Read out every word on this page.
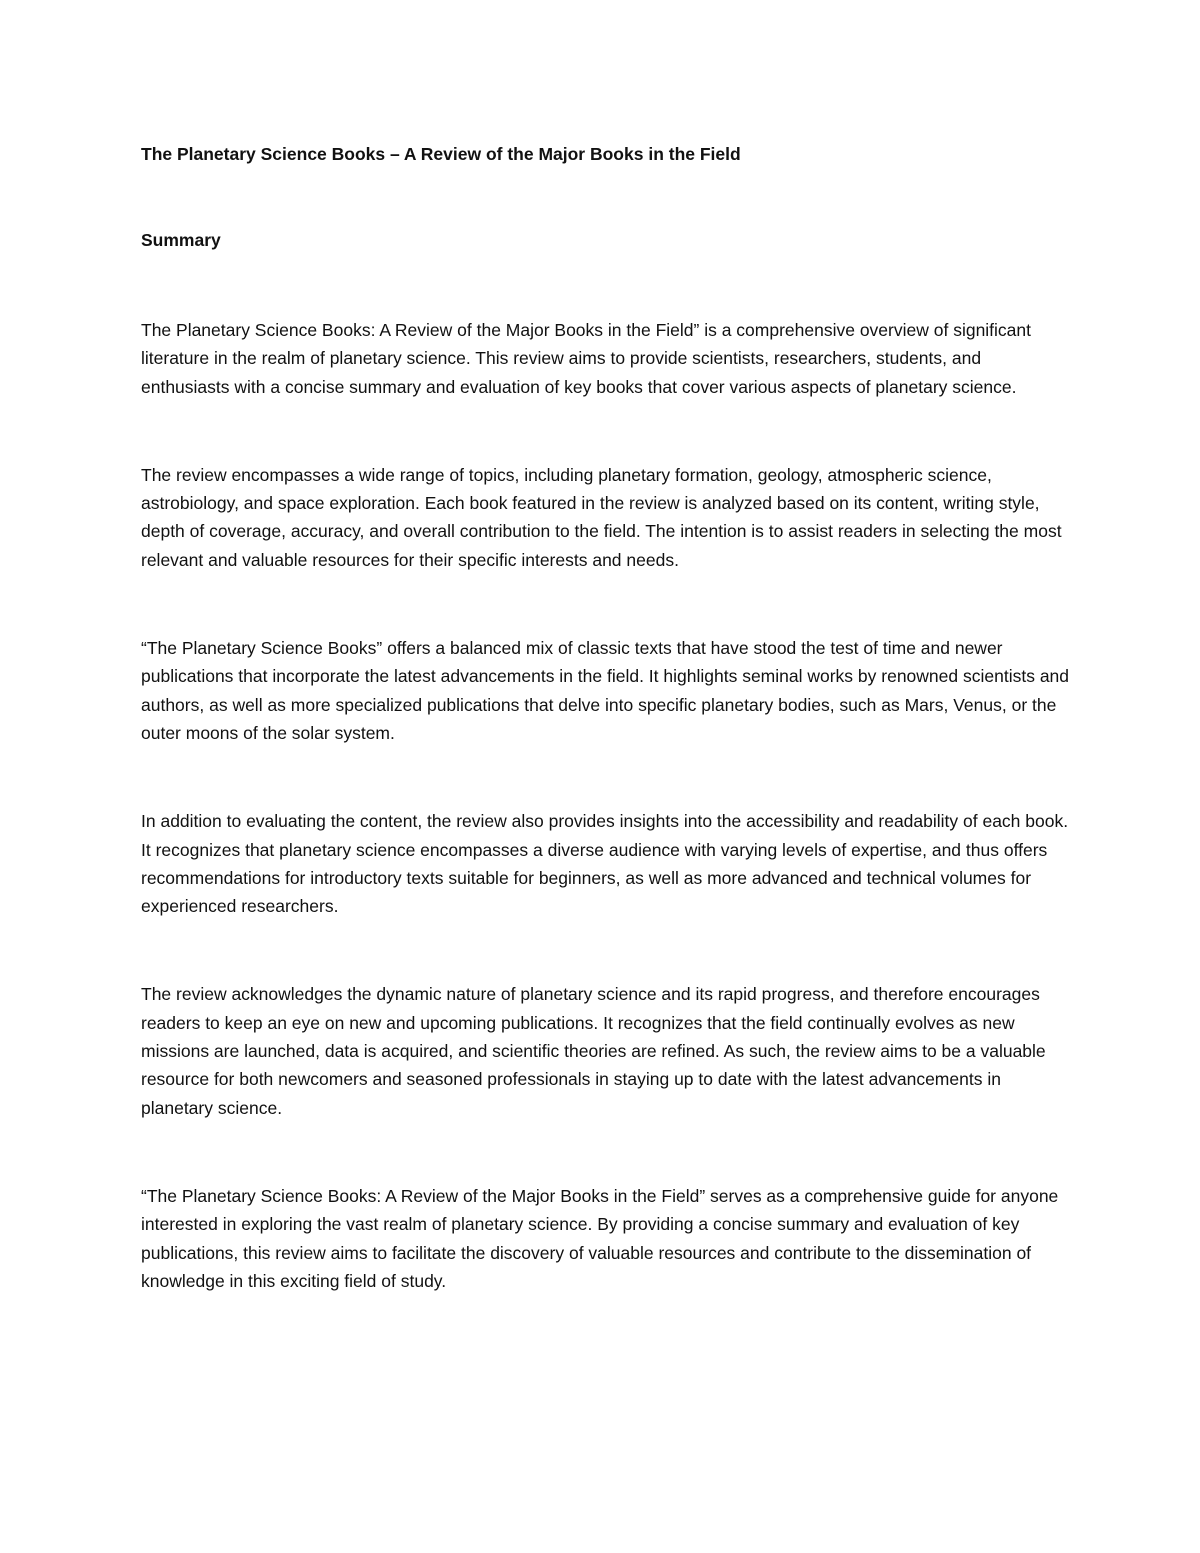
The Planetary Science Books – A Review of the Major Books in the Field

Summary

The Planetary Science Books: A Review of the Major Books in the Field” is a comprehensive overview of significant literature in the realm of planetary science. This review aims to provide scientists, researchers, students, and enthusiasts with a concise summary and evaluation of key books that cover various aspects of planetary science.

The review encompasses a wide range of topics, including planetary formation, geology, atmospheric science, astrobiology, and space exploration. Each book featured in the review is analyzed based on its content, writing style, depth of coverage, accuracy, and overall contribution to the field. The intention is to assist readers in selecting the most relevant and valuable resources for their specific interests and needs.

“The Planetary Science Books” offers a balanced mix of classic texts that have stood the test of time and newer publications that incorporate the latest advancements in the field. It highlights seminal works by renowned scientists and authors, as well as more specialized publications that delve into specific planetary bodies, such as Mars, Venus, or the outer moons of the solar system.

In addition to evaluating the content, the review also provides insights into the accessibility and readability of each book. It recognizes that planetary science encompasses a diverse audience with varying levels of expertise, and thus offers recommendations for introductory texts suitable for beginners, as well as more advanced and technical volumes for experienced researchers.

The review acknowledges the dynamic nature of planetary science and its rapid progress, and therefore encourages readers to keep an eye on new and upcoming publications. It recognizes that the field continually evolves as new missions are launched, data is acquired, and scientific theories are refined. As such, the review aims to be a valuable resource for both newcomers and seasoned professionals in staying up to date with the latest advancements in planetary science.

“The Planetary Science Books: A Review of the Major Books in the Field” serves as a comprehensive guide for anyone interested in exploring the vast realm of planetary science. By providing a concise summary and evaluation of key publications, this review aims to facilitate the discovery of valuable resources and contribute to the dissemination of knowledge in this exciting field of study.
